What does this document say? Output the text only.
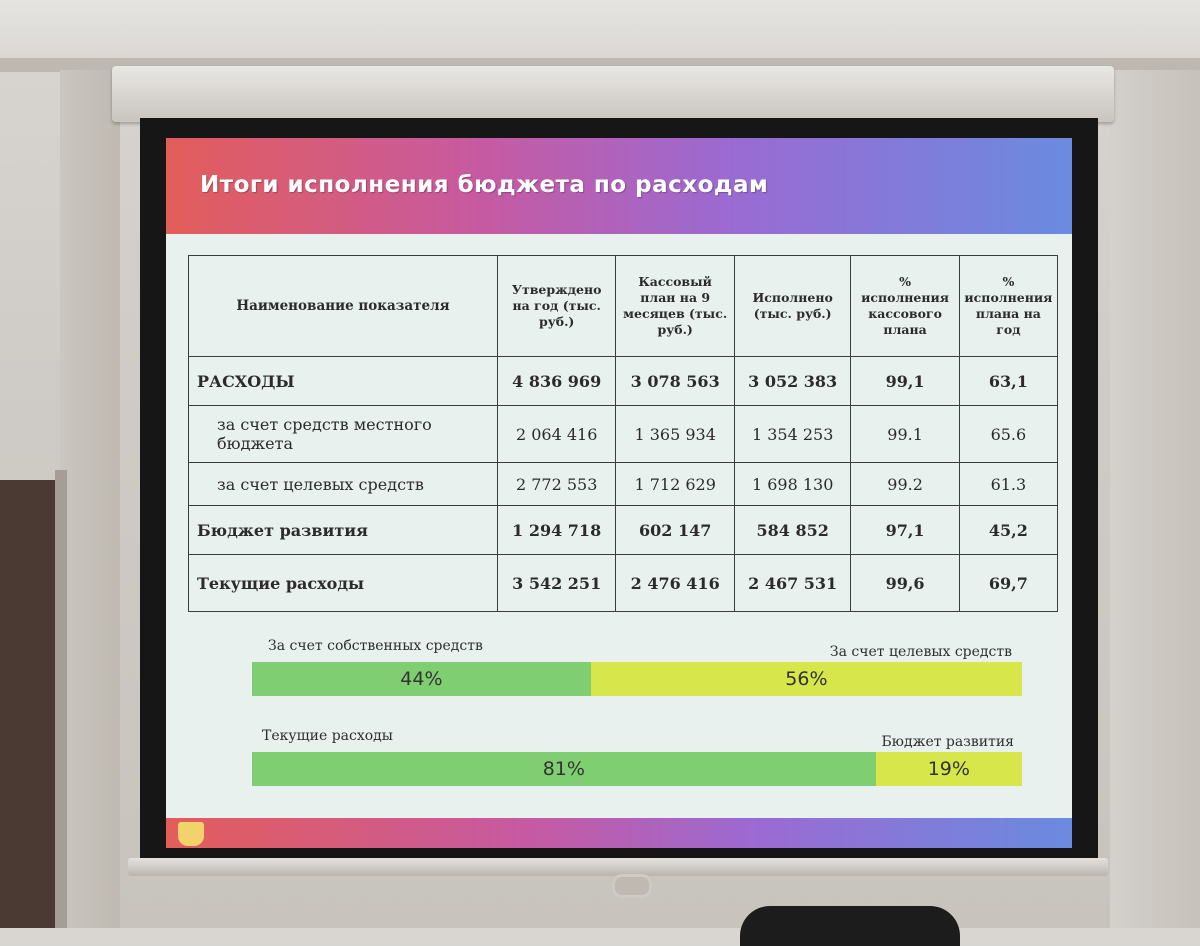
Итоги исполнения бюджета по расходам
Наименование показателя	Утверждено на год (тыс. руб.)	Кассовый план на 9 месяцев (тыс. руб.)	Исполнено (тыс. руб.)	% исполнения кассового плана	% исполнения плана на год
РАСХОДЫ	4 836 969	3 078 563	3 052 383	99,1	63,1
за счет средств местного бюджета	2 064 416	1 365 934	1 354 253	99.1	65.6
за счет целевых средств	2 772 553	1 712 629	1 698 130	99.2	61.3
Бюджет развития	1 294 718	602 147	584 852	97,1	45,2
Текущие расходы	3 542 251	2 476 416	2 467 531	99,6	69,7
За счет собственных средств	За счет целевых средств
44%	56%
Текущие расходы	Бюджет развития
81%	19%
